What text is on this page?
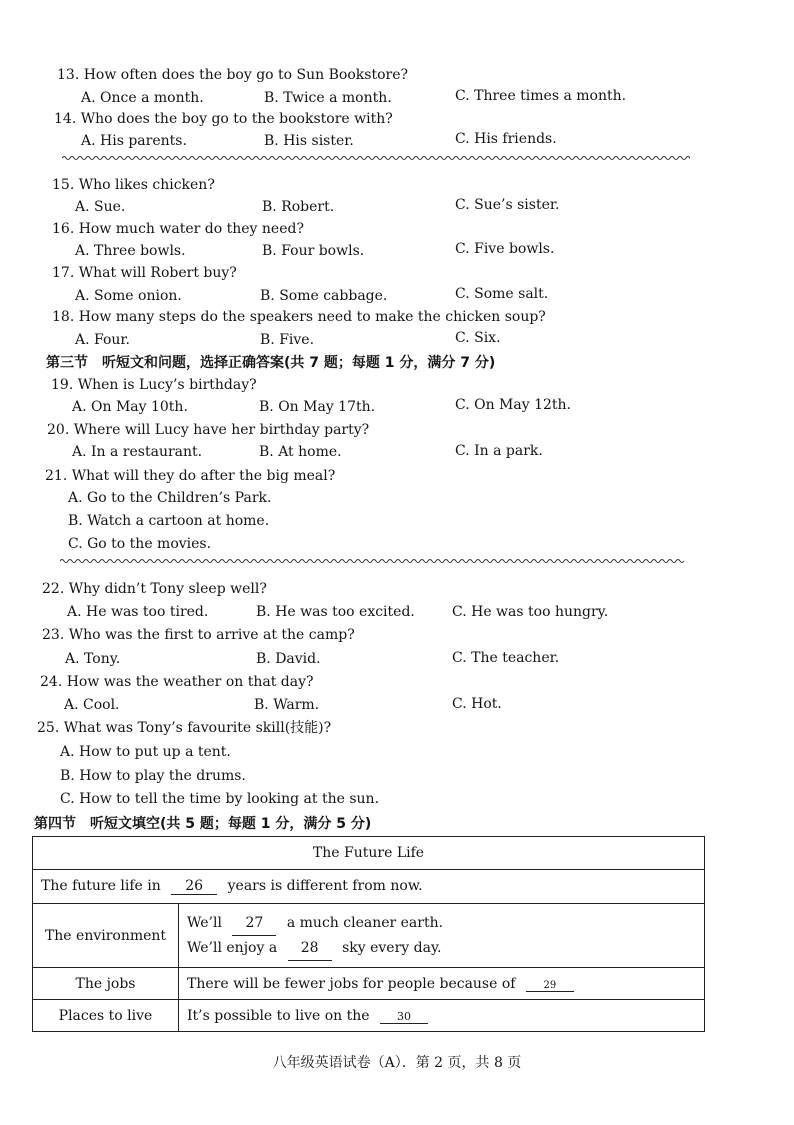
13. How often does the boy go to Sun Bookstore?
A. Once a month.	B. Twice a month.	C. Three times a month.
14. Who does the boy go to the bookstore with?
A. His parents.	B. His sister.	C. His friends.
15. Who likes chicken?
A. Sue.	B. Robert.	C. Sue’s sister.
16. How much water do they need?
A. Three bowls.	B. Four bowls.	C. Five bowls.
17. What will Robert buy?
A. Some onion.	B. Some cabbage.	C. Some salt.
18. How many steps do the speakers need to make the chicken soup?
A. Four.	B. Five.	C. Six.
第三节　听短文和问题，选择正确答案(共 7 题；每题 1 分，满分 7 分)
19. When is Lucy’s birthday?
A. On May 10th.	B. On May 17th.	C. On May 12th.
20. Where will Lucy have her birthday party?
A. In a restaurant.	B. At home.	C. In a park.
21. What will they do after the big meal?
A. Go to the Children’s Park.
B. Watch a cartoon at home.
C. Go to the movies.
22. Why didn’t Tony sleep well?
A. He was too tired.	B. He was too excited.	C. He was too hungry.
23. Who was the first to arrive at the camp?
A. Tony.	B. David.	C. The teacher.
24. How was the weather on that day?
A. Cool.	B. Warm.	C. Hot.
25. What was Tony’s favourite skill(技能)?
A. How to put up a tent.
B. How to play the drums.
C. How to tell the time by looking at the sun.
第四节　听短文填空(共 5 题；每题 1 分，满分 5 分)
The Future Life	
The future life in 26 years is different from now.	
The environment	We’ll 27 a much cleaner earth.
We’ll enjoy a 28 sky every day.

The jobs	There will be fewer jobs for people because of 29
Places to live	It’s possible to live on the 30
八年级英语试卷（A）．第 2 页，共 8 页
